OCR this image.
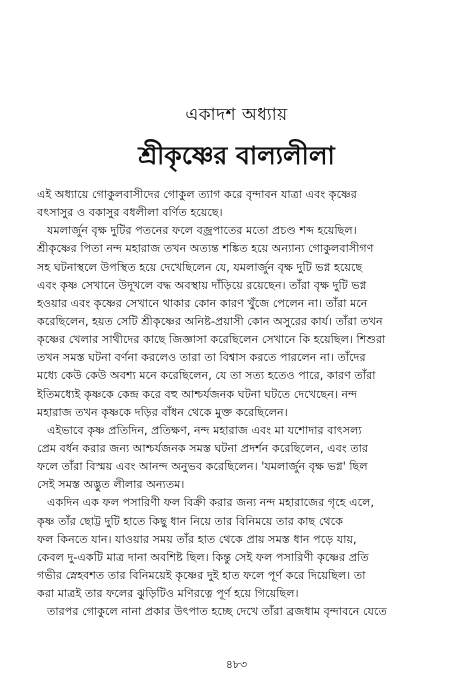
একাদশ অধ্যায়
শ্রীকৃষ্ণের বাল্যলীলা
এই অধ্যায়ে গোকুলবাসীদের গোকুল ত্যাগ করে বৃন্দাবন যাত্রা এবং কৃষ্ণের
বৎসাসুর ও বকাসুর বধলীলা বর্ণিত হয়েছে।
যমলার্জুন বৃক্ষ দুটির পতনের ফলে বজ্রপাতের মতো প্রচণ্ড শব্দ হয়েছিল।
শ্রীকৃষ্ণের পিতা নন্দ মহারাজ তখন অত্যন্ত শঙ্কিত হয়ে অন্যান্য গোকুলবাসীগণ
সহ ঘটনাস্থলে উপস্থিত হয়ে দেখেছিলেন যে, যমলার্জুন বৃক্ষ দুটি ভগ্ন হয়েছে
এবং কৃষ্ণ সেখানে উদূখলে বদ্ধ অবস্থায় দাঁড়িয়ে রয়েছেন। তাঁরা বৃক্ষ দুটি ভগ্ন
হওয়ার এবং কৃষ্ণের সেখানে থাকার কোন কারণ খুঁজে পেলেন না। তাঁরা মনে
করেছিলেন, হয়ত সেটি শ্রীকৃষ্ণের অনিষ্ট-প্রয়াসী কোন অসুরের কার্য। তাঁরা তখন
কৃষ্ণের খেলার সাথীদের কাছে জিজ্ঞাসা করেছিলেন সেখানে কি হয়েছিল। শিশুরা
তখন সমস্ত ঘটনা বর্ণনা করলেও তারা তা বিশ্বাস করতে পারলেন না। তাঁদের
মধ্যে কেউ কেউ অবশ্য মনে করেছিলেন, যে তা সত্য হতেও পারে, কারণ তাঁরা
ইতিমধ্যেই কৃষ্ণকে কেন্দ্র করে বহু আশ্চর্যজনক ঘটনা ঘটতে দেখেছেন। নন্দ
মহারাজ তখন কৃষ্ণকে দড়ির বাঁধন থেকে মুক্ত করেছিলেন।
এইভাবে কৃষ্ণ প্রতিদিন, প্রতিক্ষণ, নন্দ মহারাজ এবং মা যশোদার বাৎসল্য
প্রেম বর্ধন করার জন্য আশ্চর্যজনক সমস্ত ঘটনা প্রদর্শন করেছিলেন, এবং তার
ফলে তাঁরা বিস্ময় এবং আনন্দ অনুভব করেছিলেন। 'যমলার্জুন বৃক্ষ ভগ্ন' ছিল
সেই সমস্ত অদ্ভুত লীলার অন্যতম।
একদিন এক ফল পসারিণী ফল বিক্রী করার জন্য নন্দ মহারাজের গৃহে এলে,
কৃষ্ণ তাঁর ছোট্ট দুটি হাতে কিছু ধান নিয়ে তার বিনিময়ে তার কাছ থেকে
ফল কিনতে যান। যাওয়ার সময় তাঁর হাত থেকে প্রায় সমস্ত ধান পড়ে যায়,
কেবল দু-একটি মাত্র দানা অবশিষ্ট ছিল। কিন্তু সেই ফল পসারিণী কৃষ্ণের প্রতি
গভীর স্নেহবশত তার বিনিময়েই কৃষ্ণের দুই হাত ফলে পূর্ণ করে দিয়েছিল। তা
করা মাত্রই তার ফলের ঝুড়িটিও মণিরত্নে পূর্ণ হয়ে গিয়েছিল।
তারপর গোকুলে নানা প্রকার উৎপাত হচ্ছে দেখে তাঁরা ব্রজধাম বৃন্দাবনে যেতে
৪৮৩
